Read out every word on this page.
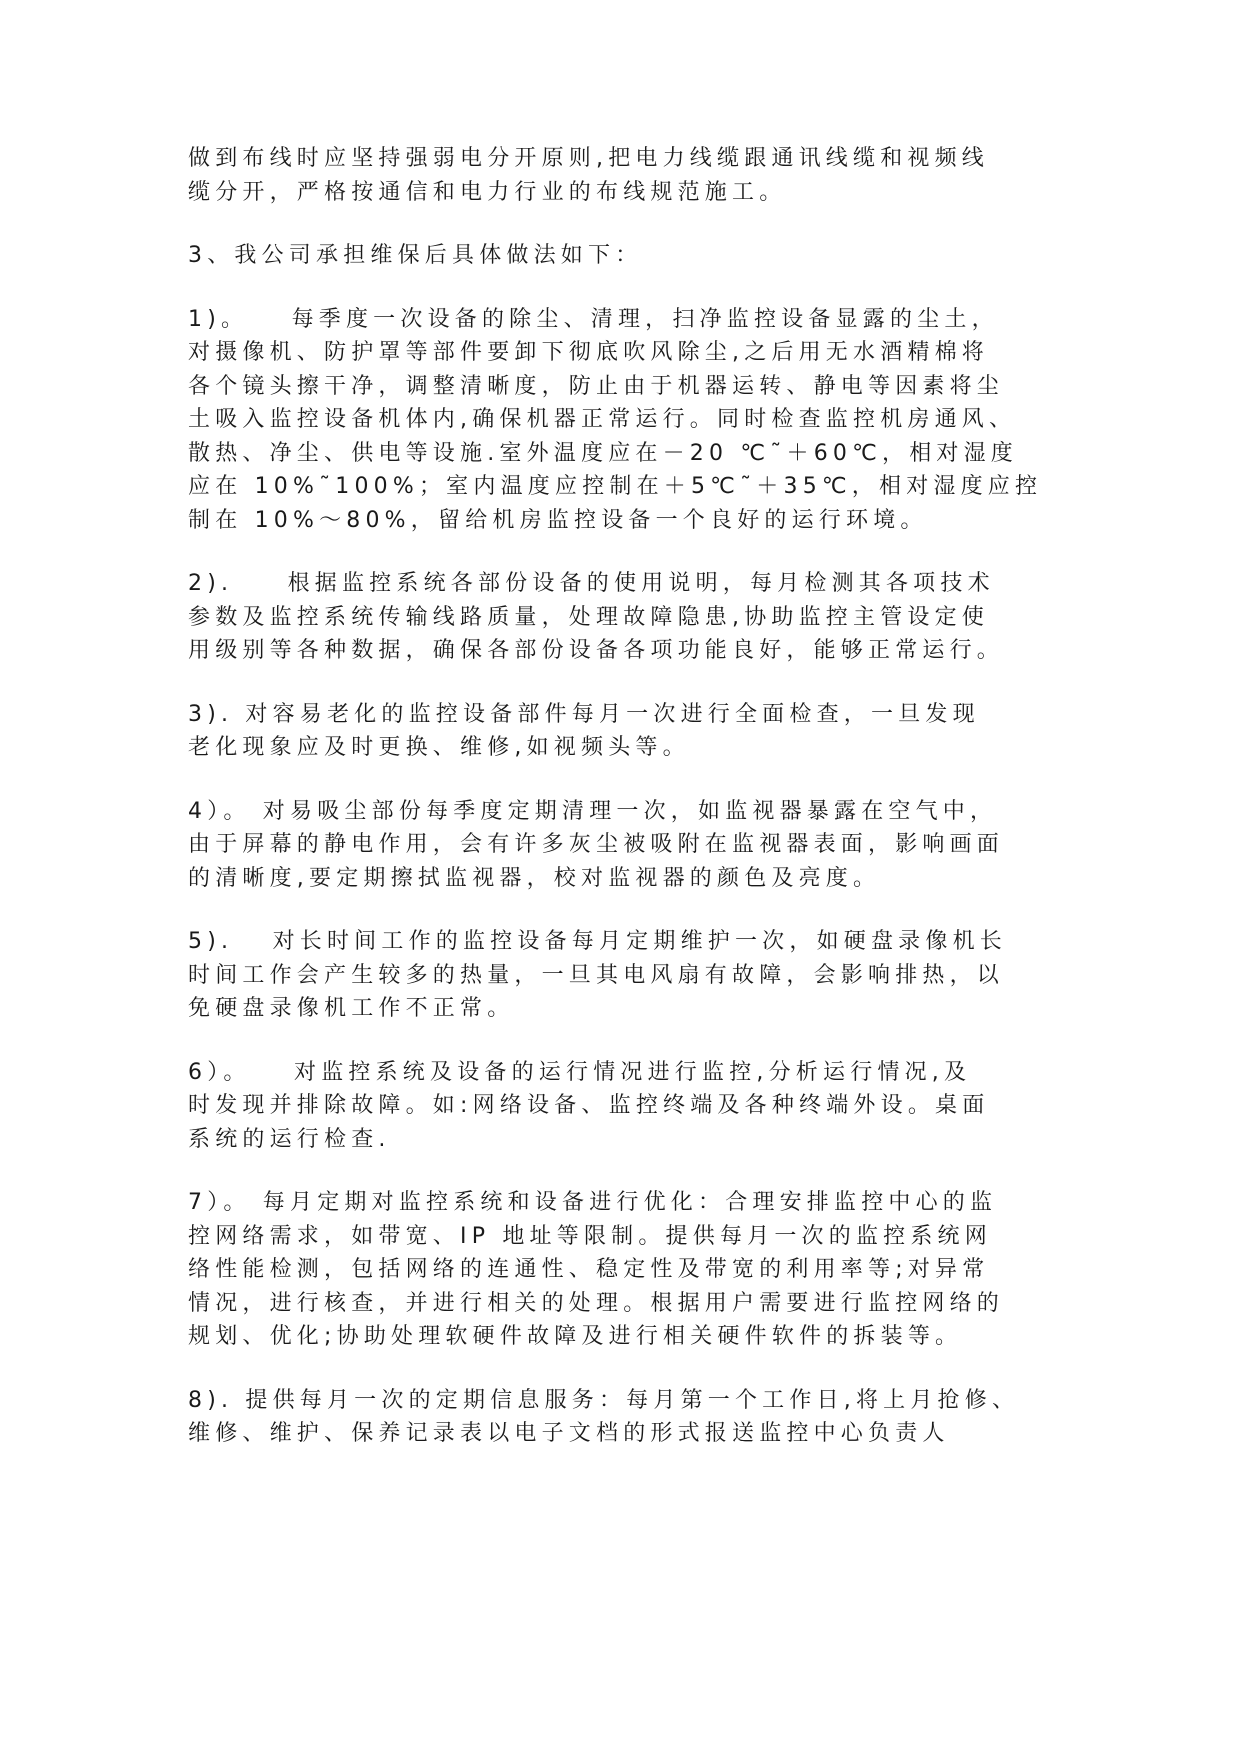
做到布线时应坚持强弱电分开原则,把电力线缆跟通讯线缆和视频线
缆分开，严格按通信和电力行业的布线规范施工。

3、我公司承担维保后具体做法如下：

1)。　　每季度一次设备的除尘、清理，扫净监控设备显露的尘土，
对摄像机、防护罩等部件要卸下彻底吹风除尘,之后用无水酒精棉将
各个镜头擦干净，调整清晰度，防止由于机器运转、静电等因素将尘
土吸入监控设备机体内,确保机器正常运行。同时检查监控机房通风、
散热、净尘、供电等设施.室外温度应在－20 ℃˜＋60℃，相对湿度
应在 10%˜100%；室内温度应控制在＋5℃˜＋35℃，相对湿度应控
制在 10%～80%，留给机房监控设备一个良好的运行环境。

2).　　根据监控系统各部份设备的使用说明，每月检测其各项技术
参数及监控系统传输线路质量，处理故障隐患,协助监控主管设定使
用级别等各种数据，确保各部份设备各项功能良好，能够正常运行。

3). 对容易老化的监控设备部件每月一次进行全面检查，一旦发现
老化现象应及时更换、维修,如视频头等。

4）。 对易吸尘部份每季度定期清理一次，如监视器暴露在空气中，
由于屏幕的静电作用，会有许多灰尘被吸附在监视器表面，影响画面
的清晰度,要定期擦拭监视器，校对监视器的颜色及亮度。

5).　 对长时间工作的监控设备每月定期维护一次，如硬盘录像机长
时间工作会产生较多的热量，一旦其电风扇有故障，会影响排热，以
免硬盘录像机工作不正常。

6）。　　对监控系统及设备的运行情况进行监控,分析运行情况,及
时发现并排除故障。如:网络设备、监控终端及各种终端外设。桌面
系统的运行检查.

7）。 每月定期对监控系统和设备进行优化：合理安排监控中心的监
控网络需求，如带宽、IP 地址等限制。提供每月一次的监控系统网
络性能检测，包括网络的连通性、稳定性及带宽的利用率等;对异常
情况，进行核查，并进行相关的处理。根据用户需要进行监控网络的
规划、优化;协助处理软硬件故障及进行相关硬件软件的拆装等。

8). 提供每月一次的定期信息服务：每月第一个工作日,将上月抢修、
维修、维护、保养记录表以电子文档的形式报送监控中心负责人
